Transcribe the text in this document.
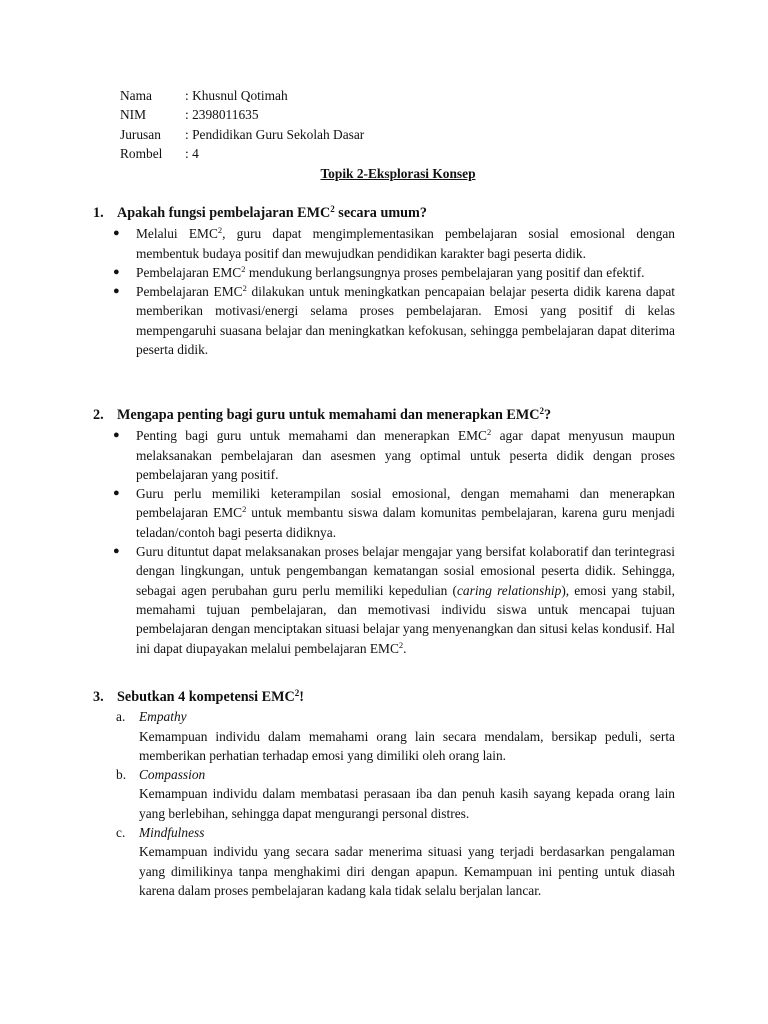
Nama : Khusnul Qotimah
NIM	: 2398011635
Jurusan : Pendidikan Guru Sekolah Dasar
Rombel : 4
Topik 2-Eksplorasi Konsep
1. Apakah fungsi pembelajaran EMC$^2$ secara umum?
●	Melalui EMC$^2$, guru dapat mengimplementasikan pembelajaran sosial emosional dengan membentuk budaya positif dan mewujudkan pendidikan karakter bagi peserta didik.
●	Pembelajaran EMC$^2$ mendukung berlangsungnya proses pembelajaran yang positif dan efektif.
●	Pembelajaran EMC$^2$ dilakukan untuk meningkatkan pencapaian belajar peserta didik karena dapat memberikan motivasi/energi selama proses pembelajaran. Emosi yang positif di kelas mempengaruhi suasana belajar dan meningkatkan kefokusan, sehingga pembelajaran dapat diterima peserta didik.
2. Mengapa penting bagi guru untuk memahami dan menerapkan EMC$^2$?
●	Penting bagi guru untuk memahami dan menerapkan EMC$^2$ agar dapat menyusun maupun melaksanakan pembelajaran dan asesmen yang optimal untuk peserta didik dengan proses pembelajaran yang positif.
●	Guru perlu memiliki keterampilan sosial emosional, dengan memahami dan menerapkan pembelajaran EMC$^2$ untuk membantu siswa dalam komunitas pembelajaran, karena guru menjadi teladan/contoh bagi peserta didiknya.
●	Guru dituntut dapat melaksanakan proses belajar mengajar yang bersifat kolaboratif dan terintegrasi dengan lingkungan, untuk pengembangan kematangan sosial emosional peserta didik. Sehingga, sebagai agen perubahan guru perlu memiliki kepedulian (caring relationship), emosi yang stabil, memahami tujuan pembelajaran, dan memotivasi individu siswa untuk mencapai tujuan pembelajaran dengan menciptakan situasi belajar yang menyenangkan dan situsi kelas kondusif. Hal ini dapat diupayakan melalui pembelajaran EMC$^2$.
3. Sebutkan 4 kompetensi EMC$^2$!
a.	Empathy
Kemampuan individu dalam memahami orang lain secara mendalam, bersikap peduli, serta memberikan perhatian terhadap emosi yang dimiliki oleh orang lain.
b. Compassion
Kemampuan individu dalam membatasi perasaan iba dan penuh kasih sayang kepada orang lain yang berlebihan, sehingga dapat mengurangi personal distres.
c.	Mindfulness
Kemampuan individu yang secara sadar menerima situasi yang terjadi berdasarkan pengalaman yang dimilikinya tanpa menghakimi diri dengan apapun. Kemampuan ini penting untuk diasah karena dalam proses pembelajaran kadang kala tidak selalu berjalan lancar.
